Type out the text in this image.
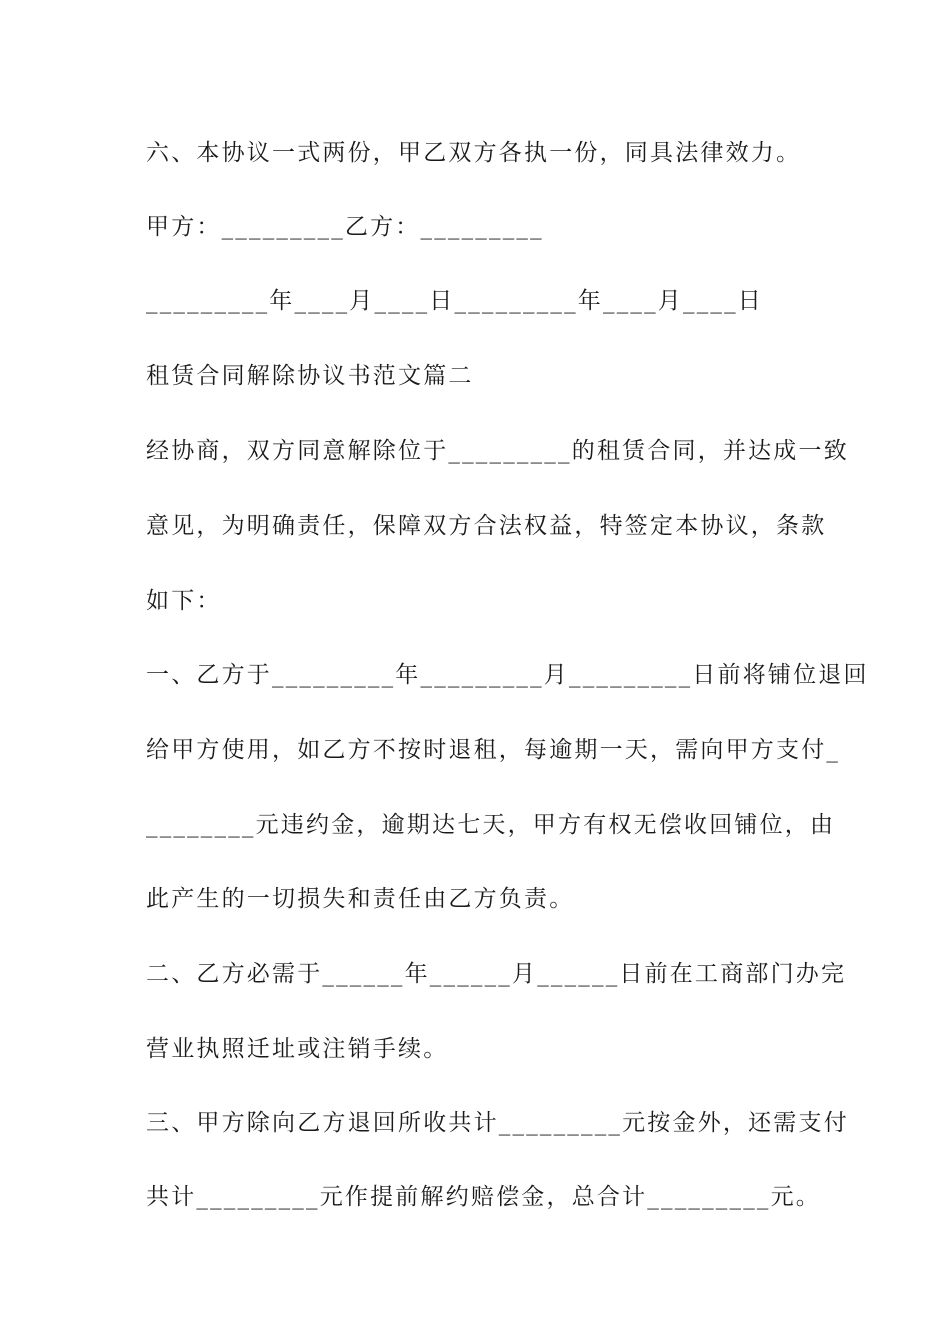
六、本协议一式两份，甲乙双方各执一份，同具法律效力。
甲方：_________乙方：_________
_________年____月____日_________年____月____日
租赁合同解除协议书范文篇二
经协商，双方同意解除位于_________的租赁合同，并达成一致
意见，为明确责任，保障双方合法权益，特签定本协议，条款
如下：
一、乙方于_________年_________月_________日前将铺位退回
给甲方使用，如乙方不按时退租，每逾期一天，需向甲方支付_
________元违约金，逾期达七天，甲方有权无偿收回铺位，由
此产生的一切损失和责任由乙方负责。
二、乙方必需于______年______月______日前在工商部门办完
营业执照迁址或注销手续。
三、甲方除向乙方退回所收共计_________元按金外，还需支付
共计_________元作提前解约赔偿金，总合计_________元。
